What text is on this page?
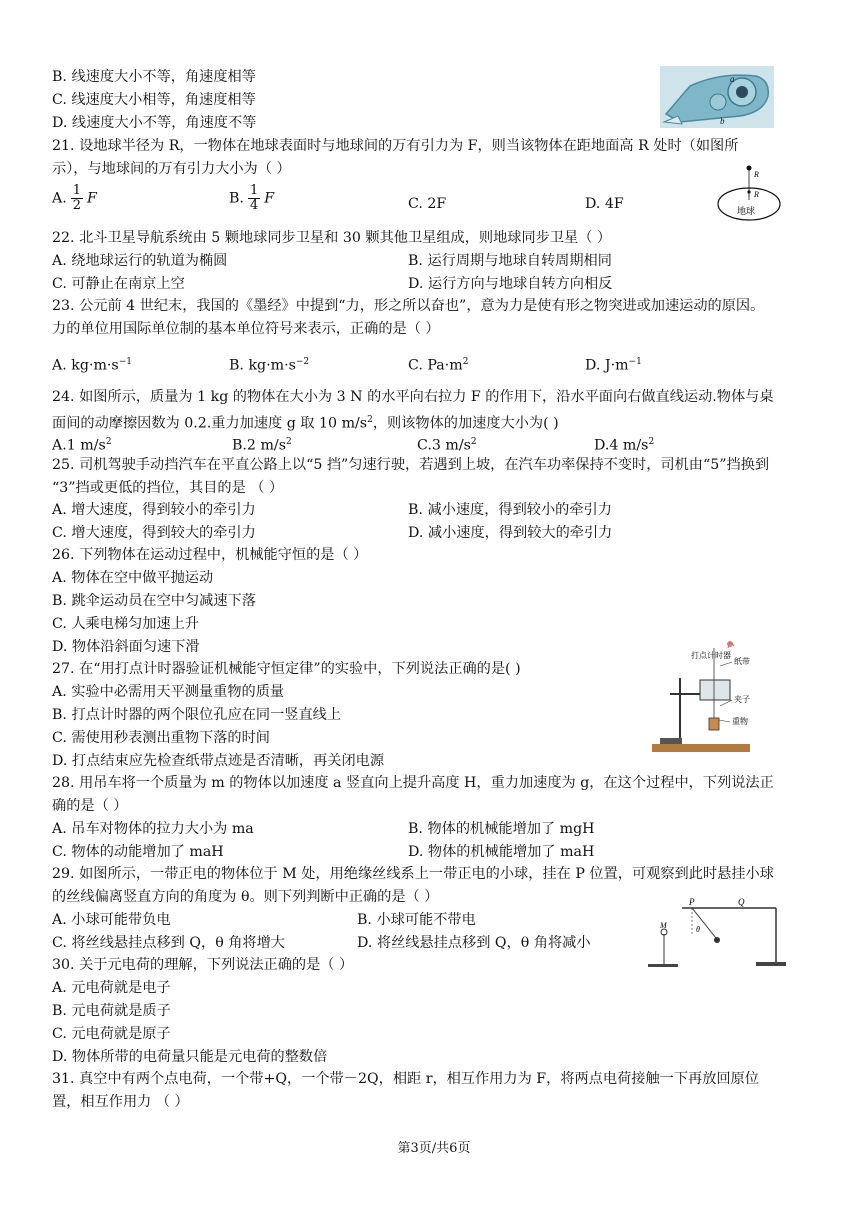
B. 线速度大小不等，角速度相等
C. 线速度大小相等，角速度相等
D. 线速度大小不等，角速度不等
a
b
21. 设地球半径为 R，一物体在地球表面时与地球间的万有引力为 F，则当该物体在距地面高 R 处时（如图所
示），与地球间的万有引力大小为（ ）
A. $\frac{1}{2}$ F	B. $\frac{1}{4}$ F	C. 2F	D. 4F
R
R
地球
22. 北斗卫星导航系统由 5 颗地球同步卫星和 30 颗其他卫星组成，则地球同步卫星（ ）
A. 绕地球运行的轨道为椭圆	B. 运行周期与地球自转周期相同
C. 可静止在南京上空	D. 运行方向与地球自转方向相反
23. 公元前 4 世纪末，我国的《墨经》中提到“力，形之所以奋也”，意为力是使有形之物突进或加速运动的原因。
力的单位用国际单位制的基本单位符号来表示，正确的是（ ）
A. $kg\cdot m\cdot s^{-1}$	B. $kg\cdot m\cdot s^{-2}$	C. $Pa\cdot m^2$	D. $J\cdot m^{-1}$
24. 如图所示，质量为 1 kg 的物体在大小为 3 N 的水平向右拉力 F 的作用下，沿水平面向右做直线运动.物体与桌
面间的动摩擦因数为 0.2.重力加速度 g 取 10 $m/s^2$，则该物体的加速度大小为( )
A.1 $m/s^2$	B.2 $m/s^2$	C.3 $m/s^2$	D.4 $m/s^2$
25. 司机驾驶手动挡汽车在平直公路上以“5 挡”匀速行驶，若遇到上坡，在汽车功率保持不变时，司机由“5”挡换到
“3”挡或更低的挡位，其目的是 （ ）
A. 增大速度，得到较小的牵引力	B. 减小速度，得到较小的牵引力
C. 增大速度，得到较大的牵引力	D. 减小速度，得到较大的牵引力
26. 下列物体在运动过程中，机械能守恒的是（ ）
A. 物体在空中做平抛运动
B. 跳伞运动员在空中匀减速下落
C. 人乘电梯匀加速上升
D. 物体沿斜面匀速下滑
27. 在“用打点计时器验证机械能守恒定律”的实验中，下列说法正确的是( )
A. 实验中必需用天平测量重物的质量
B. 打点计时器的两个限位孔应在同一竖直线上
C. 需使用秒表测出重物下落的时间
D. 打点结束应先检查纸带点迹是否清晰，再关闭电源
打点计时器
纸带
夹子
重物
28. 用吊车将一个质量为 m 的物体以加速度 a 竖直向上提升高度 H，重力加速度为 g，在这个过程中，下列说法正
确的是（ ）
A. 吊车对物体的拉力大小为 ma	B. 物体的机械能增加了 mgH
C. 物体的动能增加了 maH	D. 物体的机械能增加了 maH
29. 如图所示，一带正电的物体位于 M 处，用绝缘丝线系上一带正电的小球，挂在 P 位置，可观察到此时悬挂小球
的丝线偏离竖直方向的角度为 θ。则下列判断中正确的是（ ）
A. 小球可能带负电	B. 小球可能不带电
C. 将丝线悬挂点移到 Q，θ 角将增大	D. 将丝线悬挂点移到 Q，θ 角将减小
P	Q
M	θ
30. 关于元电荷的理解，下列说法正确的是（ ）
A. 元电荷就是电子
B. 元电荷就是质子
C. 元电荷就是原子
D. 物体所带的电荷量只能是元电荷的整数倍
31. 真空中有两个点电荷，一个带+Q，一个带－2Q，相距 r，相互作用力为 F，将两点电荷接触一下再放回原位
置，相互作用力 （ ）
第3页/共6页
